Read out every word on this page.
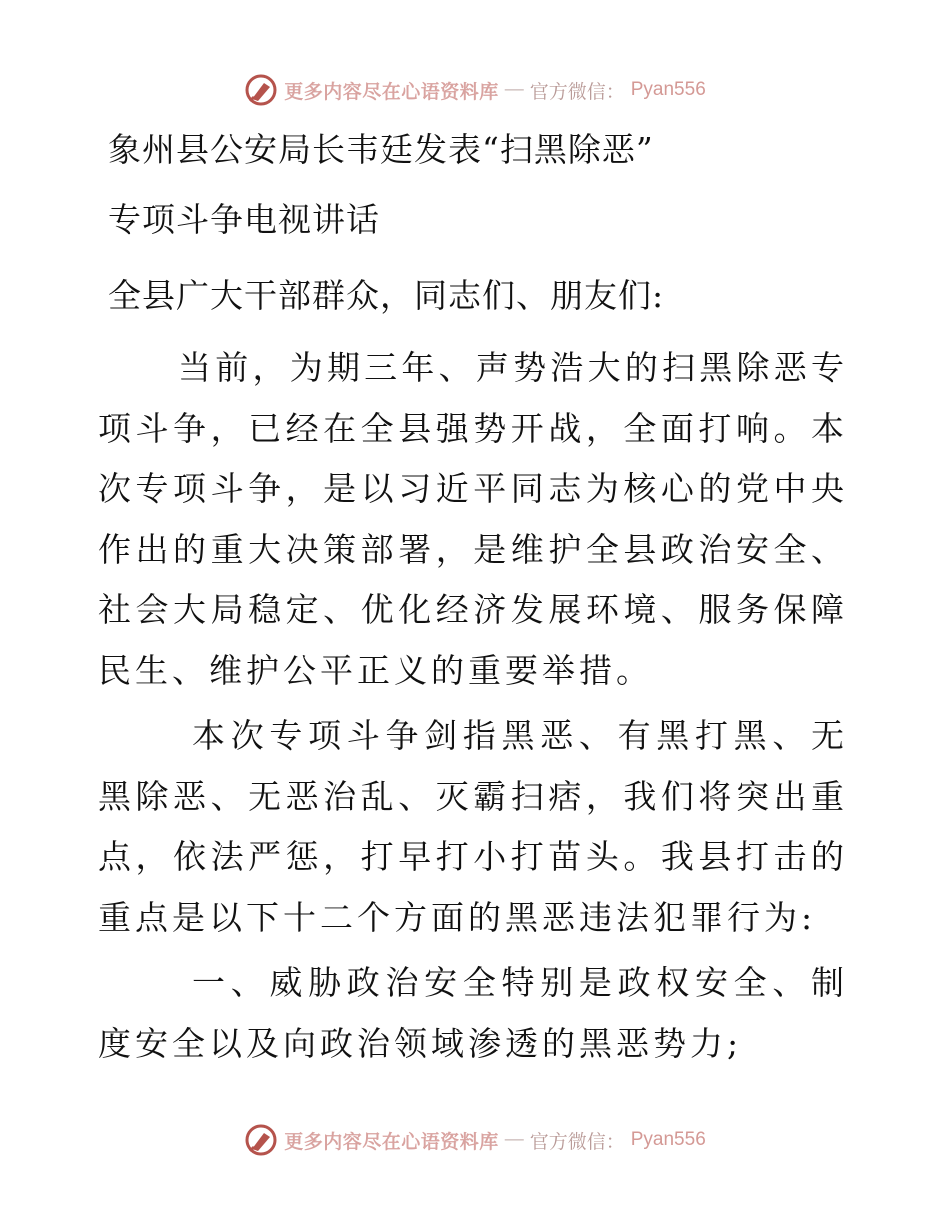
更多内容尽在心语资料库 — 官方微信： Pyan556
象州县公安局长韦廷发表“扫黑除恶”
专项斗争电视讲话
全县广大干部群众，同志们、朋友们:

当前，为期三年、声势浩大的扫黑除恶专项斗争，已经在全县强势开战，全面打响。本次专项斗争，是以习近平同志为核心的党中央作出的重大决策部署，是维护全县政治安全、社会大局稳定、优化经济发展环境、服务保障民生、维护公平正义的重要举措。

本次专项斗争剑指黑恶、有黑打黑、无黑除恶、无恶治乱、灭霸扫痞，我们将突出重点，依法严惩，打早打小打苗头。我县打击的重点是以下十二个方面的黑恶违法犯罪行为:

一、威胁政治安全特别是政权安全、制度安全以及向政治领域渗透的黑恶势力;

更多内容尽在心语资料库 — 官方微信： Pyan556
